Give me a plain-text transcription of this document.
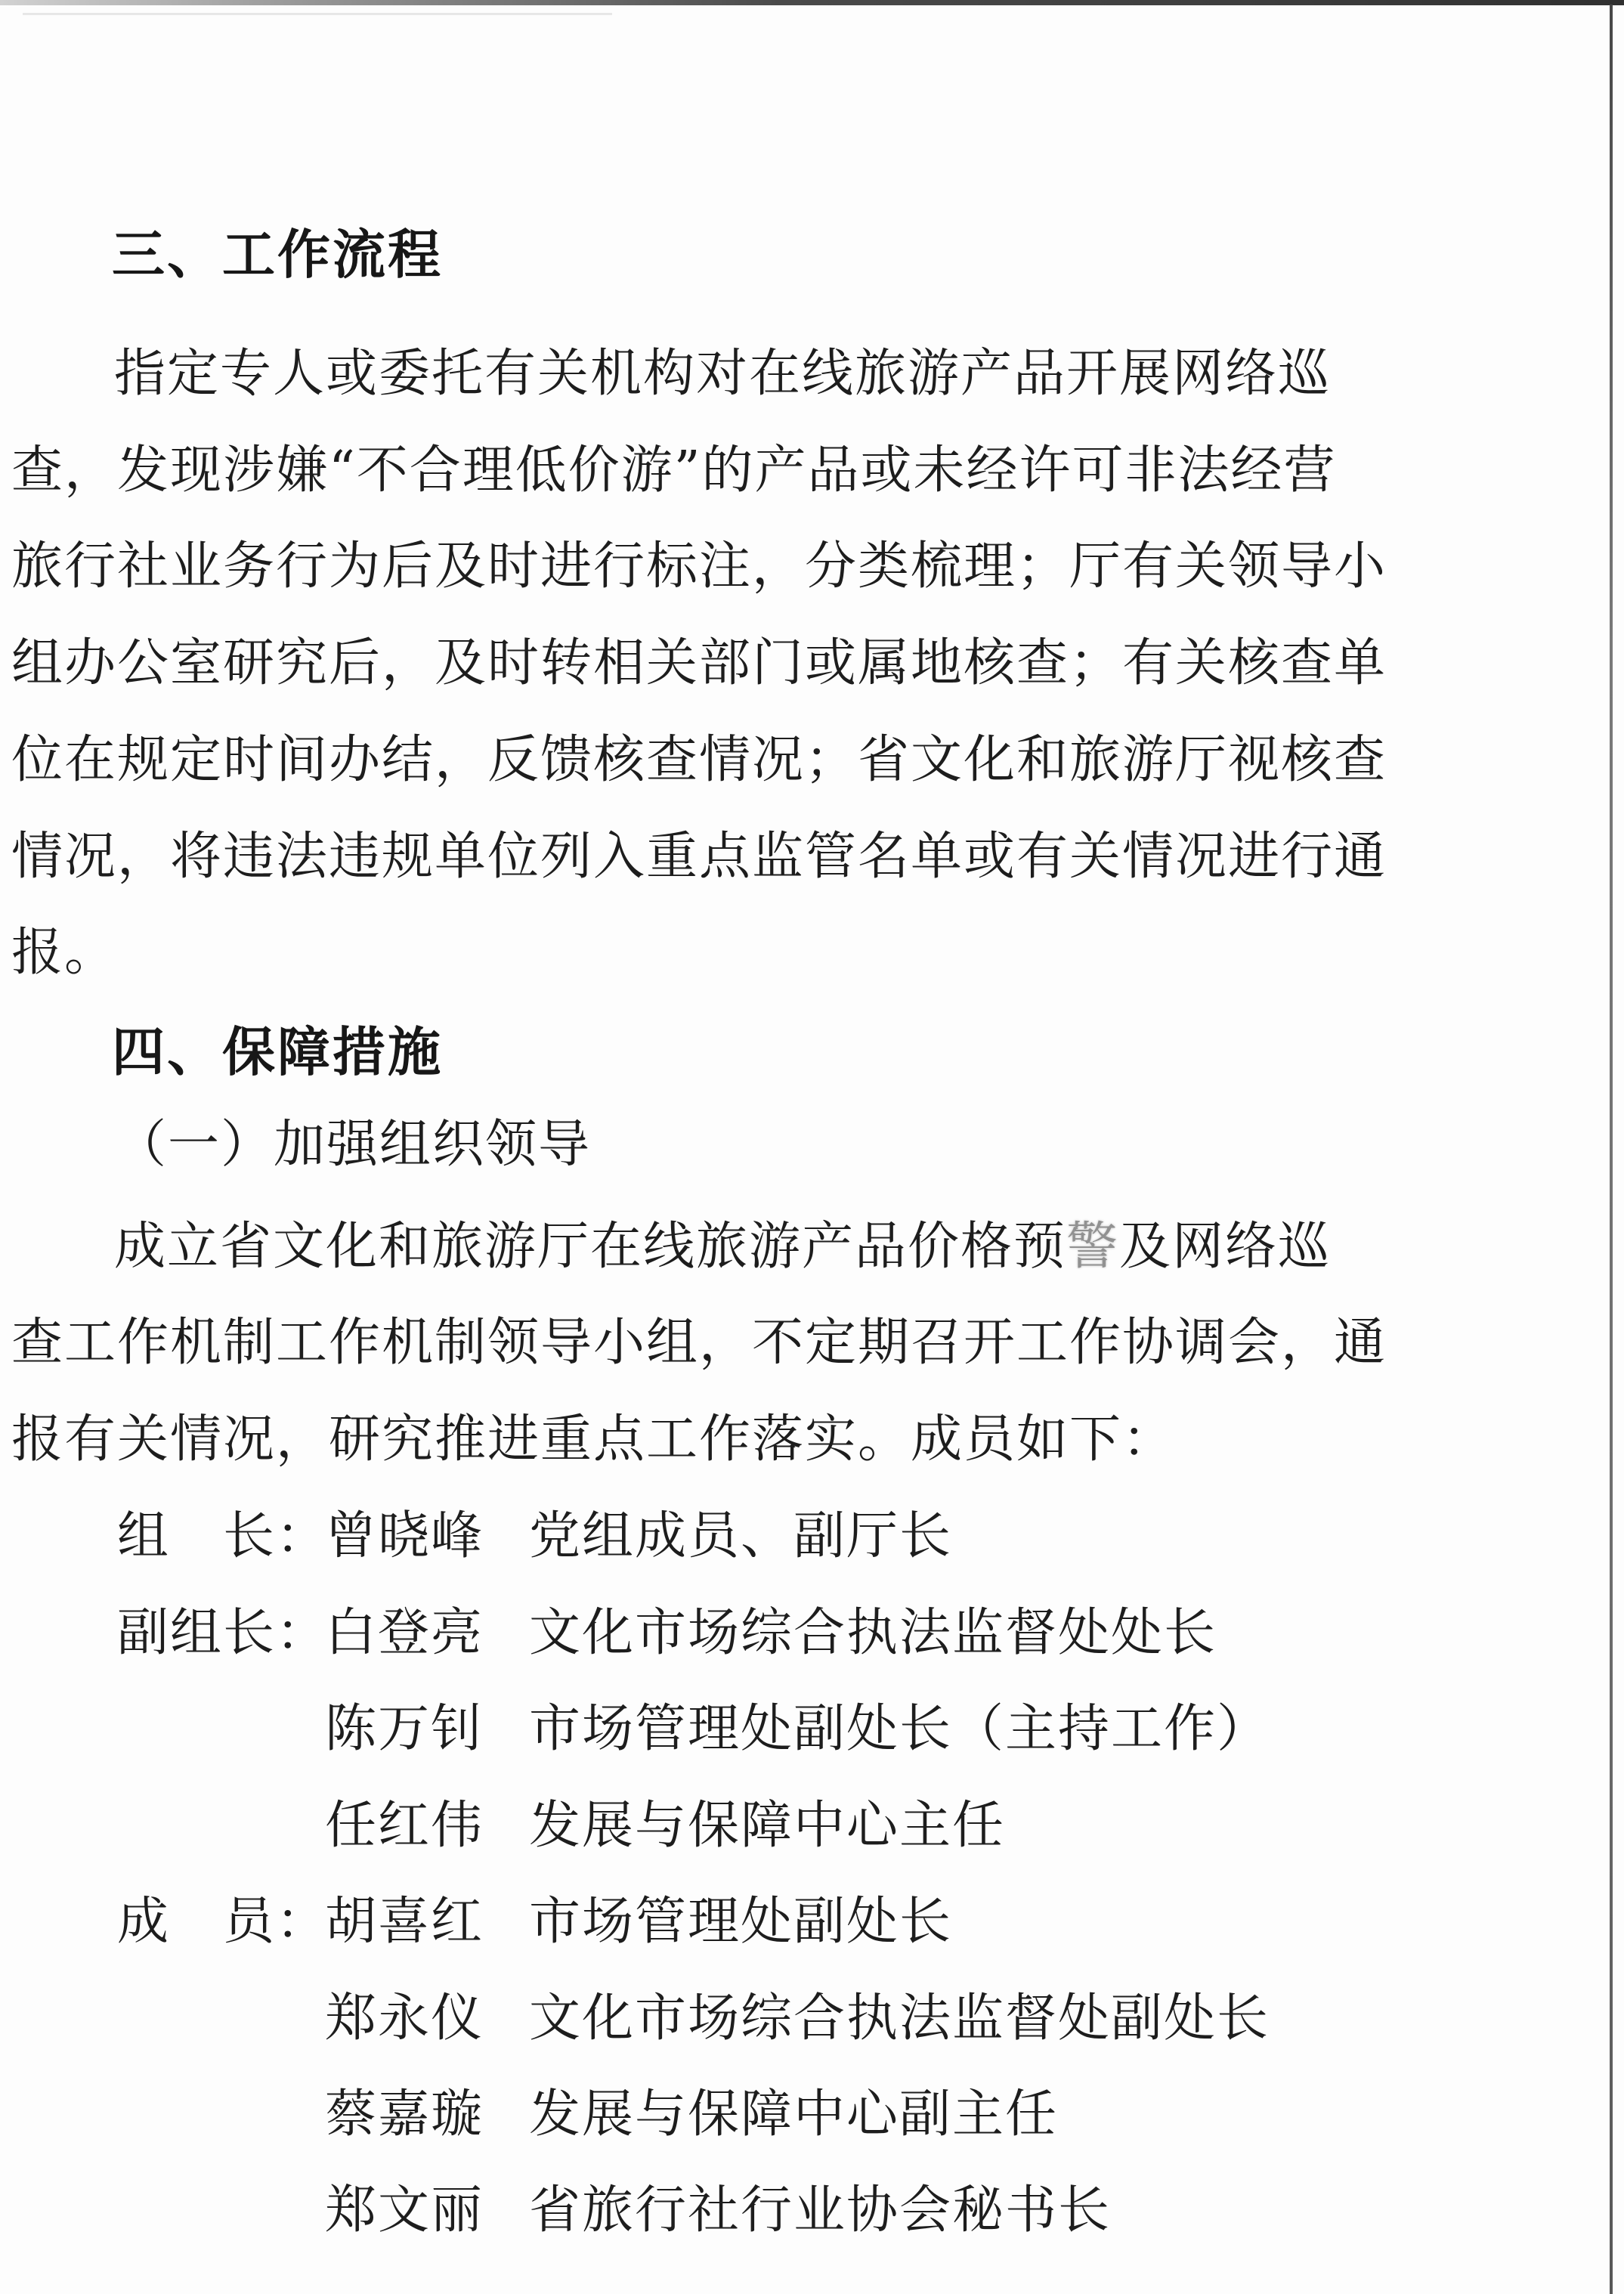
三、工作流程
指定专人或委托有关机构对在线旅游产品开展网络巡
查，发现涉嫌“不合理低价游”的产品或未经许可非法经营
旅行社业务行为后及时进行标注，分类梳理；厅有关领导小
组办公室研究后，及时转相关部门或属地核查；有关核查单
位在规定时间办结，反馈核查情况；省文化和旅游厅视核查
情况，将违法违规单位列入重点监管名单或有关情况进行通
报。
四、保障措施
（一）加强组织领导
成立省文化和旅游厅在线旅游产品价格预警及网络巡
查工作机制工作机制领导小组，不定期召开工作协调会，通
报有关情况，研究推进重点工作落实。成员如下：
组　长：
曾晓峰 党组成员、副厅长
副组长：
白登亮 文化市场综合执法监督处处长
陈万钊 市场管理处副处长（主持工作）
任红伟 发展与保障中心主任
成　员：
胡喜红 市场管理处副处长
郑永仪 文化市场综合执法监督处副处长
蔡嘉璇 发展与保障中心副主任
郑文丽 省旅行社行业协会秘书长
